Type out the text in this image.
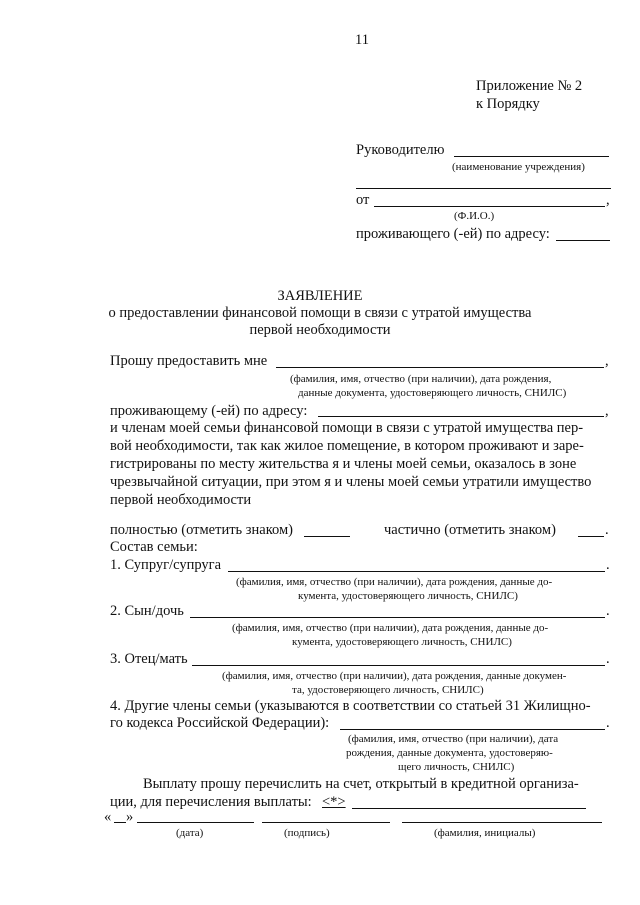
11
Приложение № 2
к Порядку
Руководителю
(наименование учреждения)
от	,
(Ф.И.О.)
проживающего (-ей) по адресу:
ЗАЯВЛЕНИЕ
о предоставлении финансовой помощи в связи с утратой имущества
первой необходимости
Прошу предоставить мне	,
(фамилия, имя, отчество (при наличии), дата рождения,
данные документа, удостоверяющего личность, СНИЛС)
проживающему (-ей) по адресу:	,
и членам моей семьи финансовой помощи в связи с утратой имущества пер-
вой необходимости, так как жилое помещение, в котором проживают и заре-
гистрированы по месту жительства я и члены моей семьи, оказалось в зоне
чрезвычайной ситуации, при этом я и члены моей семьи утратили имущество
первой необходимости
полностью (отметить знаком)	частично (отметить знаком)	.
Состав семьи:
1. Супруг/супруга	.
(фамилия, имя, отчество (при наличии), дата рождения, данные до-
кумента, удостоверяющего личность, СНИЛС)
2. Сын/дочь	.
(фамилия, имя, отчество (при наличии), дата рождения, данные до-
кумента, удостоверяющего личность, СНИЛС)
3. Отец/мать	.
(фамилия, имя, отчество (при наличии), дата рождения, данные докумен-
та, удостоверяющего личность, СНИЛС)
4. Другие члены семьи (указываются в соответствии со статьей 31 Жилищно-
го кодекса Российской Федерации):	.
(фамилия, имя, отчество (при наличии), дата
рождения, данные документа, удостоверяю-
щего личность, СНИЛС)
Выплату прошу перечислить на счет, открытый в кредитной организа-
ции, для перечисления выплаты: <*>
« »
(дата)	(подпись)	(фамилия, инициалы)
